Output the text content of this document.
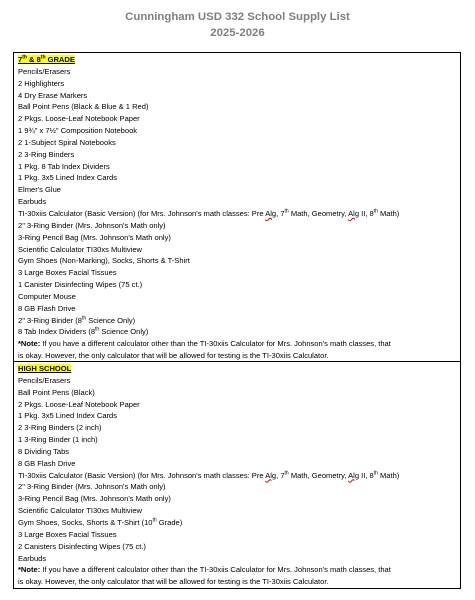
Cunningham USD 332 School Supply List
2025-2026
7th & 8th GRADE
Pencils/Erasers
2 Highlighters
4 Dry Erase Markers
Ball Point Pens (Black & Blue & 1 Red)
2 Pkgs. Loose-Leaf Notebook Paper
1 9¾" x 7½" Composition Notebook
2 1-Subject Spiral Notebooks
2 3-Ring Binders
1 Pkg. 8 Tab Index Dividers
1 Pkg. 3x5 Lined Index Cards
Elmer's Glue
Earbuds
TI-30xiis Calculator (Basic Version) (for Mrs. Johnson's math classes: Pre Alg, 7th Math, Geometry, Alg II, 8th Math)
2" 3-Ring Binder (Mrs. Johnson's Math only)
3-Ring Pencil Bag (Mrs. Johnson's Math only)
Scientific Calculator TI30xs Multiview
Gym Shoes (Non-Marking), Socks, Shorts & T-Shirt
3 Large Boxes Facial Tissues
1 Canister Disinfecting Wipes (75 ct.)
Computer Mouse
8 GB Flash Drive
2" 3-Ring Binder (8th Science Only)
8 Tab Index Dividers (8th Science Only)
*Note: If you have a different calculator other than the TI-30xiis Calculator for Mrs. Johnson's math classes, that
is okay. However, the only calculator that will be allowed for testing is the TI-30xiis Calculator.
HIGH SCHOOL
Pencils/Erasers
Ball Point Pens (Black)
2 Pkgs. Loose-Leaf Notebook Paper
1 Pkg. 3x5 Lined Index Cards
2 3-Ring Binders (2 inch)
1 3-Ring Binder (1 inch)
8 Dividing Tabs
8 GB Flash Drive
TI-30xiis Calculator (Basic Version) (for Mrs. Johnson's math classes: Pre Alg, 7th Math, Geometry, Alg II, 8th Math)
2" 3-Ring Binder (Mrs. Johnson's Math only)
3-Ring Pencil Bag (Mrs. Johnson's Math only)
Scientific Calculator TI30xs Multiview
Gym Shoes, Socks, Shorts & T-Shirt (10th Grade)
3 Large Boxes Facial Tissues
2 Canisters Disinfecting Wipes (75 ct.)
Earbuds
*Note: If you have a different calculator other than the TI-30xiis Calculator for Mrs. Johnson's math classes, that
is okay. However, the only calculator that will be allowed for testing is the TI-30xiis Calculator.
